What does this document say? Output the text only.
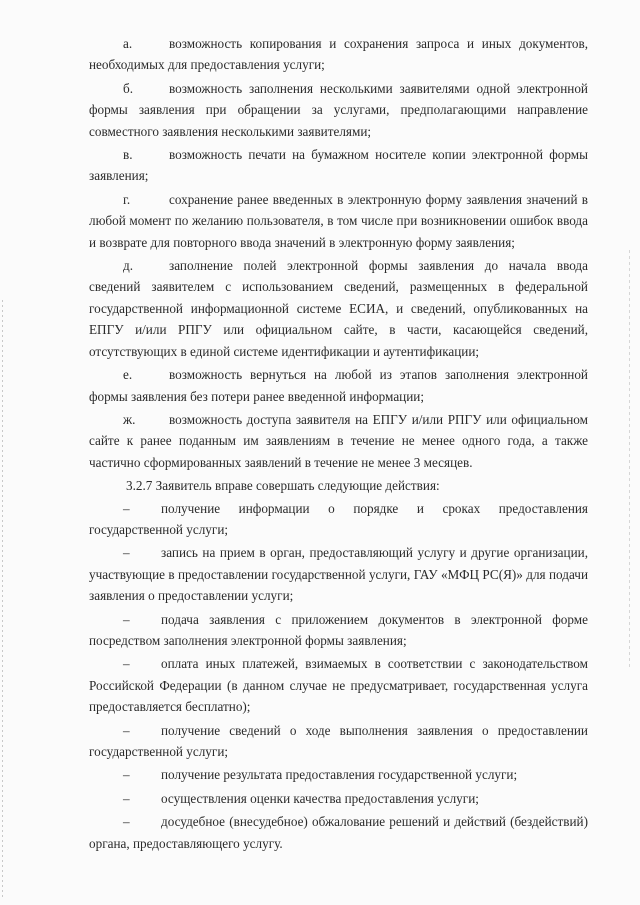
а.	возможность копирования и сохранения запроса и иных документов, необходимых для предоставления услуги;

б.	возможность заполнения несколькими заявителями одной электронной формы заявления при обращении за услугами, предполагающими направление совместного заявления несколькими заявителями;

в.	возможность печати на бумажном носителе копии электронной формы заявления;

г.	сохранение ранее введенных в электронную форму заявления значений в любой момент по желанию пользователя, в том числе при возникновении ошибок ввода и возврате для повторного ввода значений в электронную форму заявления;

д.	заполнение полей электронной формы заявления до начала ввода сведений заявителем с использованием сведений, размещенных в федеральной государственной информационной системе ЕСИА, и сведений, опубликованных на ЕПГУ и/или РПГУ или официальном сайте, в части, касающейся сведений, отсутствующих в единой системе идентификации и аутентификации;

е.	возможность вернуться на любой из этапов заполнения электронной формы заявления без потери ранее введенной информации;

ж.	возможность доступа заявителя на ЕПГУ и/или РПГУ или официальном сайте к ранее поданным им заявлениям в течение не менее одного года, а также частично сформированных заявлений в течение не менее 3 месяцев.

3.2.7 Заявитель вправе совершать следующие действия:

– получение информации о порядке и сроках предоставления государственной услуги;

– запись на прием в орган, предоставляющий услугу и другие организации, участвующие в предоставлении государственной услуги, ГАУ «МФЦ РС(Я)» для подачи заявления о предоставлении услуги;

– подача заявления с приложением документов в электронной форме посредством заполнения электронной формы заявления;

– оплата иных платежей, взимаемых в соответствии с законодательством Российской Федерации (в данном случае не предусматривает, государственная услуга предоставляется бесплатно);

– получение сведений о ходе выполнения заявления о предоставлении государственной услуги;

– получение результата предоставления государственной услуги;

– осуществления оценки качества предоставления услуги;

– досудебное (внесудебное) обжалование решений и действий (бездействий) органа, предоставляющего услугу.
